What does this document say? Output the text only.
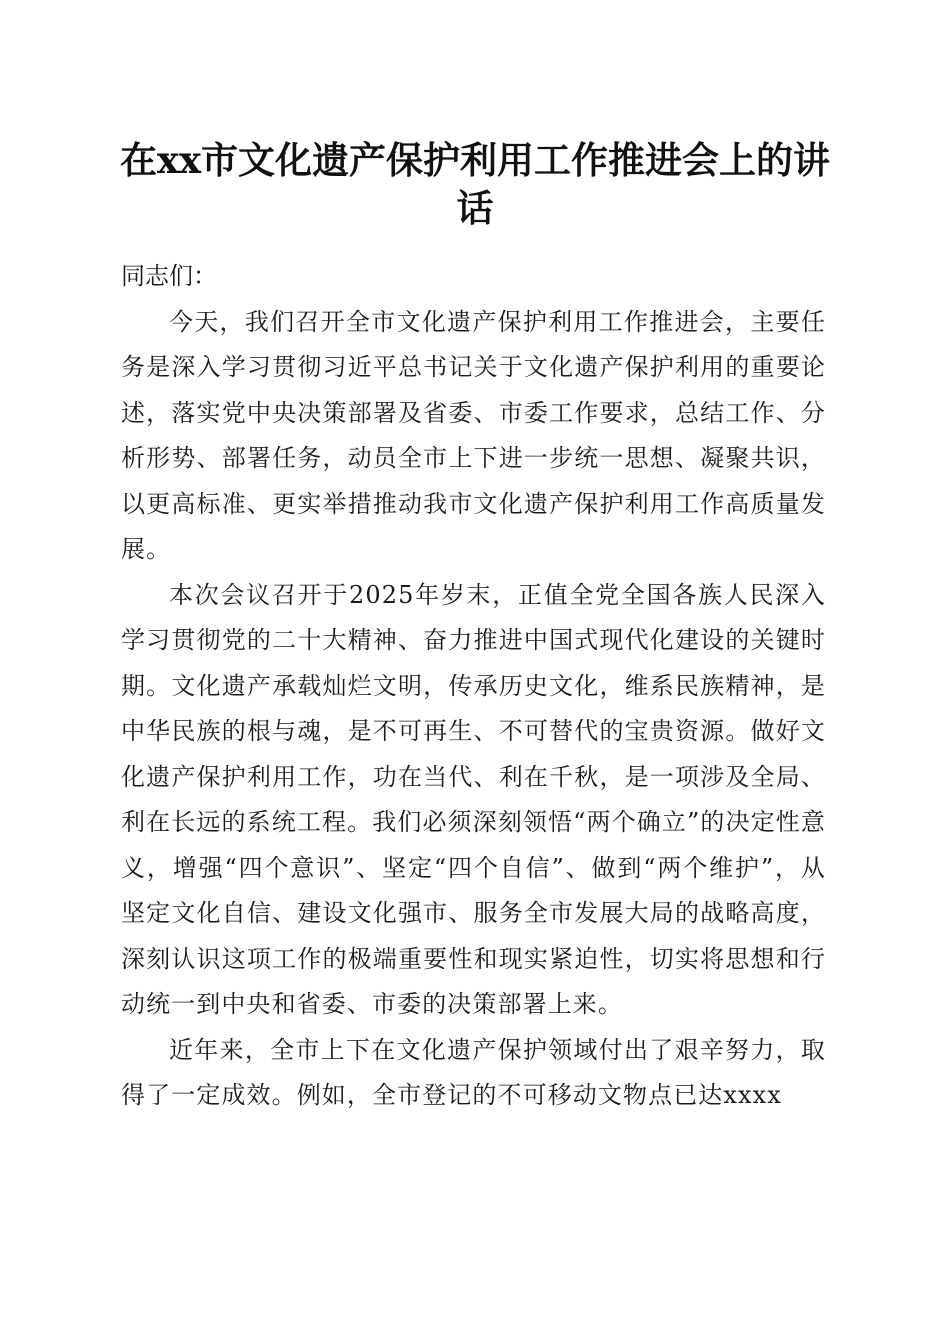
在xx市文化遗产保护利用工作推进会上的讲话

同志们：

今天，我们召开全市文化遗产保护利用工作推进会，主要任务是深入学习贯彻习近平总书记关于文化遗产保护利用的重要论述，落实党中央决策部署及省委、市委工作要求，总结工作、分析形势、部署任务，动员全市上下进一步统一思想、凝聚共识，以更高标准、更实举措推动我市文化遗产保护利用工作高质量发展。

本次会议召开于2025年岁末，正值全党全国各族人民深入学习贯彻党的二十大精神、奋力推进中国式现代化建设的关键时期。文化遗产承载灿烂文明，传承历史文化，维系民族精神，是中华民族的根与魂，是不可再生、不可替代的宝贵资源。做好文化遗产保护利用工作，功在当代、利在千秋，是一项涉及全局、利在长远的系统工程。我们必须深刻领悟“两个确立”的决定性意义，增强“四个意识”、坚定“四个自信”、做到“两个维护”，从坚定文化自信、建设文化强市、服务全市发展大局的战略高度，深刻认识这项工作的极端重要性和现实紧迫性，切实将思想和行动统一到中央和省委、市委的决策部署上来。

近年来，全市上下在文化遗产保护领域付出了艰辛努力，取得了一定成效。例如，全市登记的不可移动文物点已达xxxx
